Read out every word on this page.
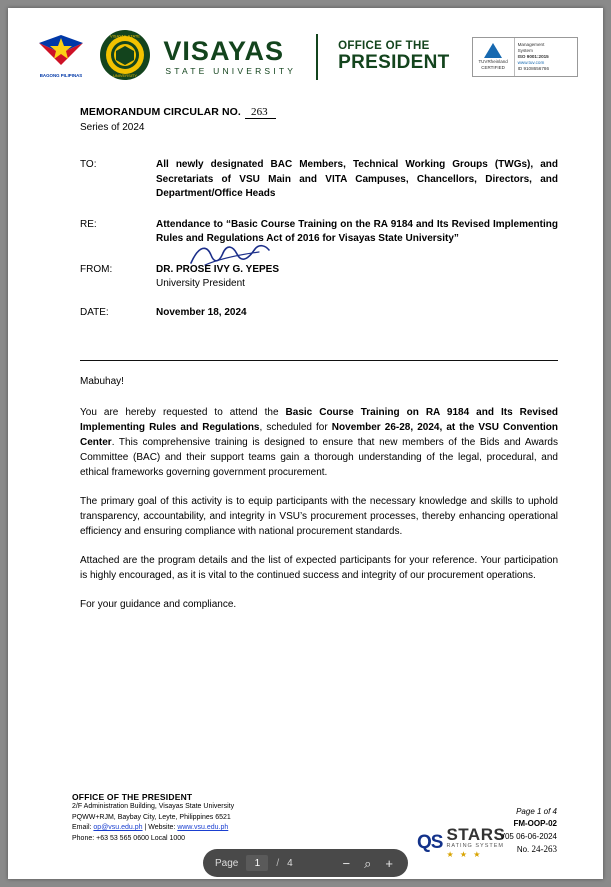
BAGONG PILIPINAS
VISAYAS STATE
UNIVERSITY
VISAYAS
STATE UNIVERSITY
OFFICE OF THE
PRESIDENT	TUVRheinland
CERTIFIED
Management
System
ISO 9001:2015
www.tuv.com
ID 9108656786
MEMORANDUM CIRCULAR NO. 263
Series of 2024
TO:	All newly designated BAC Members, Technical Working Groups (TWGs), and Secretariats of VSU Main and VITA Campuses, Chancellors, Directors, and Department/Office Heads
RE:	Attendance to “Basic Course Training on the RA 9184 and Its Revised Implementing Rules and Regulations Act of 2016 for Visayas State University”
FROM:	DR. PROSE IVY G. YEPES
University President
DATE:	November 18, 2024

Mabuhay!

You are hereby requested to attend the Basic Course Training on RA 9184 and Its Revised Implementing Rules and Regulations, scheduled for November 26-28, 2024, at the VSU Convention Center. This comprehensive training is designed to ensure that new members of the Bids and Awards Committee (BAC) and their support teams gain a thorough understanding of the legal, procedural, and ethical frameworks governing government procurement.

The primary goal of this activity is to equip participants with the necessary knowledge and skills to uphold transparency, accountability, and integrity in VSU’s procurement processes, thereby enhancing operational efficiency and ensuring compliance with national procurement standards.

Attached are the program details and the list of expected participants for your reference. Your participation is highly encouraged, as it is vital to the continued success and integrity of our procurement operations.

For your guidance and compliance.

OFFICE OF THE PRESIDENT
2/F Administration Building, Visayas State University
PQWW+RJM, Baybay City, Leyte, Philippines 6521
Email: op@vsu.edu.ph | Website: www.vsu.edu.ph
Phone: +63 53 565 0600 Local 1000	QS STARS
RATING SYSTEM
★ ★ ★
Page 1 of 4
FM-OOP-02
V05 06-06-2024
No. 24-263
Page
1	/ 4	− ⌕ +
